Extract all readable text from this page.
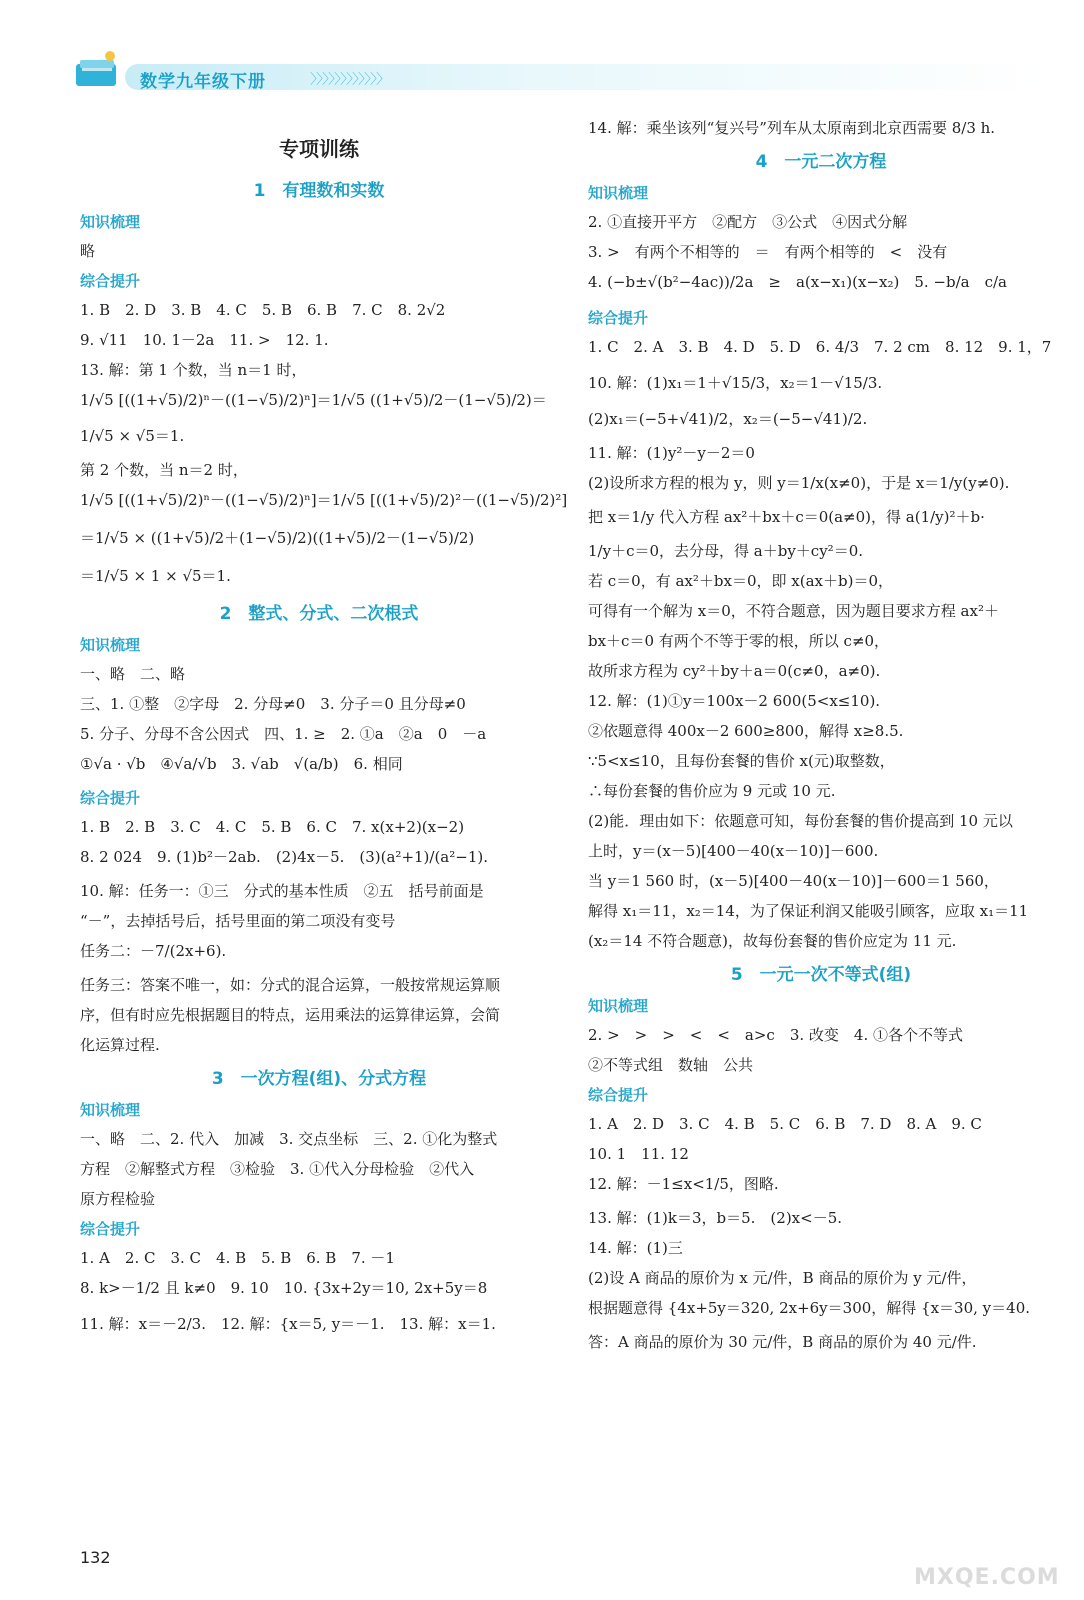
数学九年级下册	〉〉〉〉〉〉〉〉〉〉〉〉
专项训练
1　有理数和实数
知识梳理
略
综合提升
1. B　2. D　3. B　4. C　5. B　6. B　7. C　8. 2√2
9. √11　10. 1－2a　11. >　12. 1.
13. 解：第 1 个数，当 n＝1 时，
1/√5 [((1+√5)/2)ⁿ－((1−√5)/2)ⁿ]＝1/√5 ((1+√5)/2－(1−√5)/2)＝
1/√5 × √5＝1.
第 2 个数，当 n＝2 时，
1/√5 [((1+√5)/2)ⁿ－((1−√5)/2)ⁿ]＝1/√5 [((1+√5)/2)²－((1−√5)/2)²]
＝1/√5 × ((1+√5)/2＋(1−√5)/2)((1+√5)/2－(1−√5)/2)
＝1/√5 × 1 × √5＝1.
2　整式、分式、二次根式
知识梳理
一、略　二、略
三、1. ①整　②字母　2. 分母≠0　3. 分子＝0 且分母≠0
5. 分子、分母不含公因式　四、1. ≥　2. ①a　②a　0　－a
①√a · √b　④√a/√b　3. √ab　√(a/b)　6. 相同
综合提升
1. B　2. B　3. C　4. C　5. B　6. C　7. x(x+2)(x−2)
8. 2 024　9. (1)b²－2ab.　(2)4x－5.　(3)(a²+1)/(a²−1).
10. 解：任务一：①三　分式的基本性质　②五　括号前面是
“－”，去掉括号后，括号里面的第二项没有变号
任务二：－7/(2x+6).
任务三：答案不唯一，如：分式的混合运算，一般按常规运算顺
序，但有时应先根据题目的特点，运用乘法的运算律运算，会简
化运算过程.
3　一次方程(组)、分式方程
知识梳理
一、略　二、2. 代入　加减　3. 交点坐标　三、2. ①化为整式
方程　②解整式方程　③检验　3. ①代入分母检验　②代入
原方程检验
综合提升
1. A　2. C　3. C　4. B　5. B　6. B　7. －1
8. k>－1/2 且 k≠0　9. 10　10. {3x+2y＝10, 2x+5y＝8
11. 解：x＝－2/3.　12. 解：{x＝5, y＝－1.　13. 解：x＝1.
14. 解：乘坐该列“复兴号”列车从太原南到北京西需要 8/3 h.
4　一元二次方程
知识梳理
2. ①直接开平方　②配方　③公式　④因式分解
3. >　有两个不相等的　＝　有两个相等的　<　没有
4. (−b±√(b²−4ac))/2a　≥　a(x−x₁)(x−x₂)　5. −b/a　c/a
综合提升
1. C　2. A　3. B　4. D　5. D　6. 4/3　7. 2 cm　8. 12　9. 1，7
10. 解：(1)x₁＝1＋√15/3，x₂＝1－√15/3.
(2)x₁＝(−5+√41)/2，x₂＝(−5−√41)/2.
11. 解：(1)y²－y－2＝0
(2)设所求方程的根为 y，则 y＝1/x(x≠0)，于是 x＝1/y(y≠0).
把 x＝1/y 代入方程 ax²＋bx＋c＝0(a≠0)，得 a(1/y)²＋b·
1/y＋c＝0，去分母，得 a＋by＋cy²＝0.
若 c＝0，有 ax²＋bx＝0，即 x(ax＋b)＝0，
可得有一个解为 x＝0，不符合题意，因为题目要求方程 ax²＋
bx＋c＝0 有两个不等于零的根，所以 c≠0，
故所求方程为 cy²＋by＋a＝0(c≠0，a≠0).
12. 解：(1)①y＝100x－2 600(5<x≤10).
②依题意得 400x－2 600≥800，解得 x≥8.5.
∵5<x≤10，且每份套餐的售价 x(元)取整数，
∴每份套餐的售价应为 9 元或 10 元.
(2)能．理由如下：依题意可知，每份套餐的售价提高到 10 元以
上时，y＝(x－5)[400－40(x－10)]－600.
当 y＝1 560 时，(x－5)[400－40(x－10)]－600＝1 560，
解得 x₁＝11，x₂＝14，为了保证利润又能吸引顾客，应取 x₁＝11
(x₂＝14 不符合题意)，故每份套餐的售价应定为 11 元.
5　一元一次不等式(组)
知识梳理
2. >　>　>　<　<　a>c　3. 改变　4. ①各个不等式
②不等式组　数轴　公共
综合提升
1. A　2. D　3. C　4. B　5. C　6. B　7. D　8. A　9. C
10. 1　11. 12
12. 解：－1≤x<1/5，图略.
13. 解：(1)k＝3，b＝5.　(2)x<－5.
14. 解：(1)三
(2)设 A 商品的原价为 x 元/件，B 商品的原价为 y 元/件，
根据题意得 {4x+5y＝320, 2x+6y＝300，解得 {x＝30, y＝40.
答：A 商品的原价为 30 元/件，B 商品的原价为 40 元/件.
132
MXQE.COM
